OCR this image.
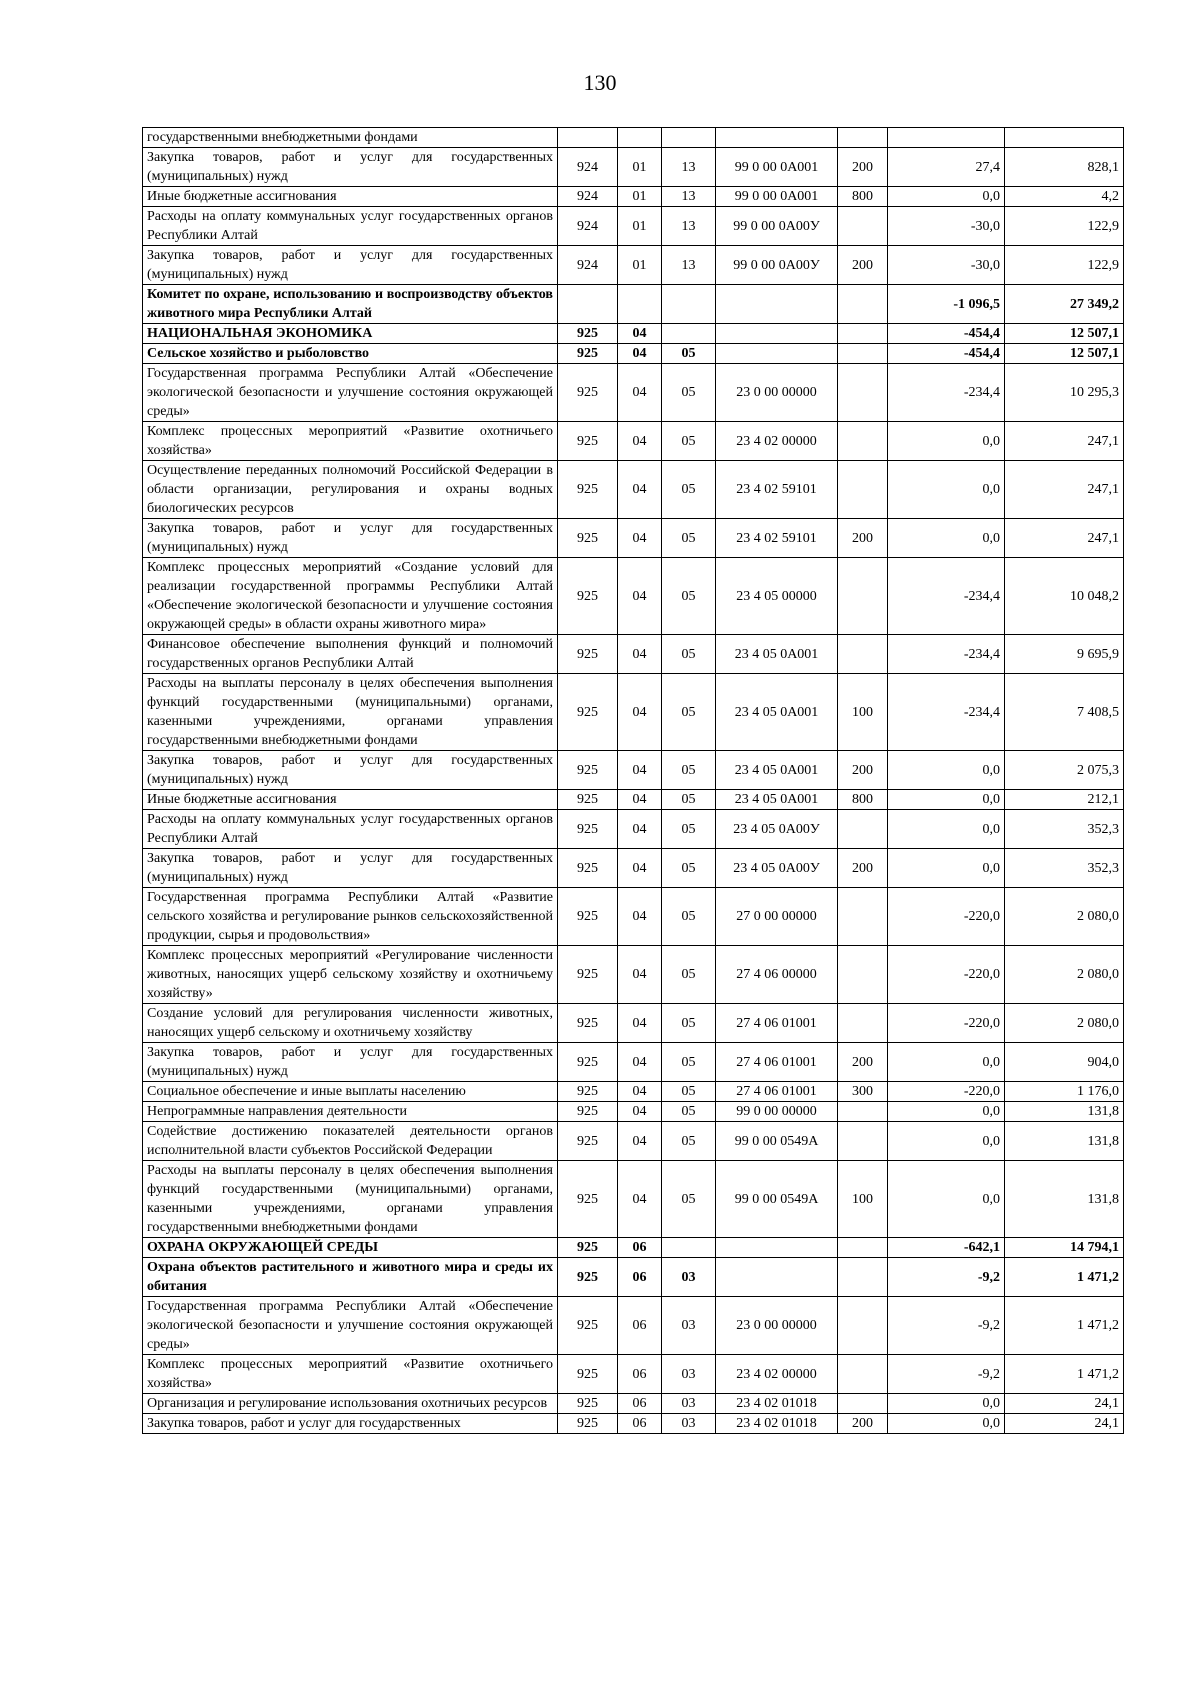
130
государственными внебюджетными фондами							
Закупка товаров, работ и услуг для государственных (муниципальных) нужд	924	01	13	99 0 00 0А001	200	27,4	828,1
Иные бюджетные ассигнования	924	01	13	99 0 00 0А001	800	0,0	4,2
Расходы на оплату коммунальных услуг государственных органов Республики Алтай	924	01	13	99 0 00 0А00У		-30,0	122,9
Закупка товаров, работ и услуг для государственных (муниципальных) нужд	924	01	13	99 0 00 0А00У	200	-30,0	122,9
Комитет по охране, использованию и воспроизводству объектов животного мира Республики Алтай						-1 096,5	27 349,2
НАЦИОНАЛЬНАЯ ЭКОНОМИКА	925	04				-454,4	12 507,1
Сельское хозяйство и рыболовство	925	04	05			-454,4	12 507,1
Государственная программа Республики Алтай «Обеспечение экологической безопасности и улучшение состояния окружающей среды»	925	04	05	23 0 00 00000		-234,4	10 295,3
Комплекс процессных мероприятий «Развитие охотничьего хозяйства»	925	04	05	23 4 02 00000		0,0	247,1
Осуществление переданных полномочий Российской Федерации в области организации, регулирования и охраны водных биологических ресурсов	925	04	05	23 4 02 59101		0,0	247,1
Закупка товаров, работ и услуг для государственных (муниципальных) нужд	925	04	05	23 4 02 59101	200	0,0	247,1
Комплекс процессных мероприятий «Создание условий для реализации государственной программы Республики Алтай «Обеспечение экологической безопасности и улучшение состояния окружающей среды» в области охраны животного мира»	925	04	05	23 4 05 00000		-234,4	10 048,2
Финансовое обеспечение выполнения функций и полномочий государственных органов Республики Алтай	925	04	05	23 4 05 0А001		-234,4	9 695,9
Расходы на выплаты персоналу в целях обеспечения выполнения функций государственными (муниципальными) органами, казенными учреждениями, органами управления государственными внебюджетными фондами	925	04	05	23 4 05 0А001	100	-234,4	7 408,5
Закупка товаров, работ и услуг для государственных (муниципальных) нужд	925	04	05	23 4 05 0А001	200	0,0	2 075,3
Иные бюджетные ассигнования	925	04	05	23 4 05 0А001	800	0,0	212,1
Расходы на оплату коммунальных услуг государственных органов Республики Алтай	925	04	05	23 4 05 0А00У		0,0	352,3
Закупка товаров, работ и услуг для государственных (муниципальных) нужд	925	04	05	23 4 05 0А00У	200	0,0	352,3
Государственная программа Республики Алтай «Развитие сельского хозяйства и регулирование рынков сельскохозяйственной продукции, сырья и продовольствия»	925	04	05	27 0 00 00000		-220,0	2 080,0
Комплекс процессных мероприятий «Регулирование численности животных, наносящих ущерб сельскому хозяйству и охотничьему хозяйству»	925	04	05	27 4 06 00000		-220,0	2 080,0
Создание условий для регулирования численности животных, наносящих ущерб сельскому и охотничьему хозяйству	925	04	05	27 4 06 01001		-220,0	2 080,0
Закупка товаров, работ и услуг для государственных (муниципальных) нужд	925	04	05	27 4 06 01001	200	0,0	904,0
Социальное обеспечение и иные выплаты населению	925	04	05	27 4 06 01001	300	-220,0	1 176,0
Непрограммные направления деятельности	925	04	05	99 0 00 00000		0,0	131,8
Содействие достижению показателей деятельности органов исполнительной власти субъектов Российской Федерации	925	04	05	99 0 00 0549А		0,0	131,8
Расходы на выплаты персоналу в целях обеспечения выполнения функций государственными (муниципальными) органами, казенными учреждениями, органами управления государственными внебюджетными фондами	925	04	05	99 0 00 0549А	100	0,0	131,8
ОХРАНА ОКРУЖАЮЩЕЙ СРЕДЫ	925	06				-642,1	14 794,1
Охрана объектов растительного и животного мира и среды их обитания	925	06	03			-9,2	1 471,2
Государственная программа Республики Алтай «Обеспечение экологической безопасности и улучшение состояния окружающей среды»	925	06	03	23 0 00 00000		-9,2	1 471,2
Комплекс процессных мероприятий «Развитие охотничьего хозяйства»	925	06	03	23 4 02 00000		-9,2	1 471,2
Организация и регулирование использования охотничьих ресурсов	925	06	03	23 4 02 01018		0,0	24,1
Закупка товаров, работ и услуг для государственных	925	06	03	23 4 02 01018	200	0,0	24,1
